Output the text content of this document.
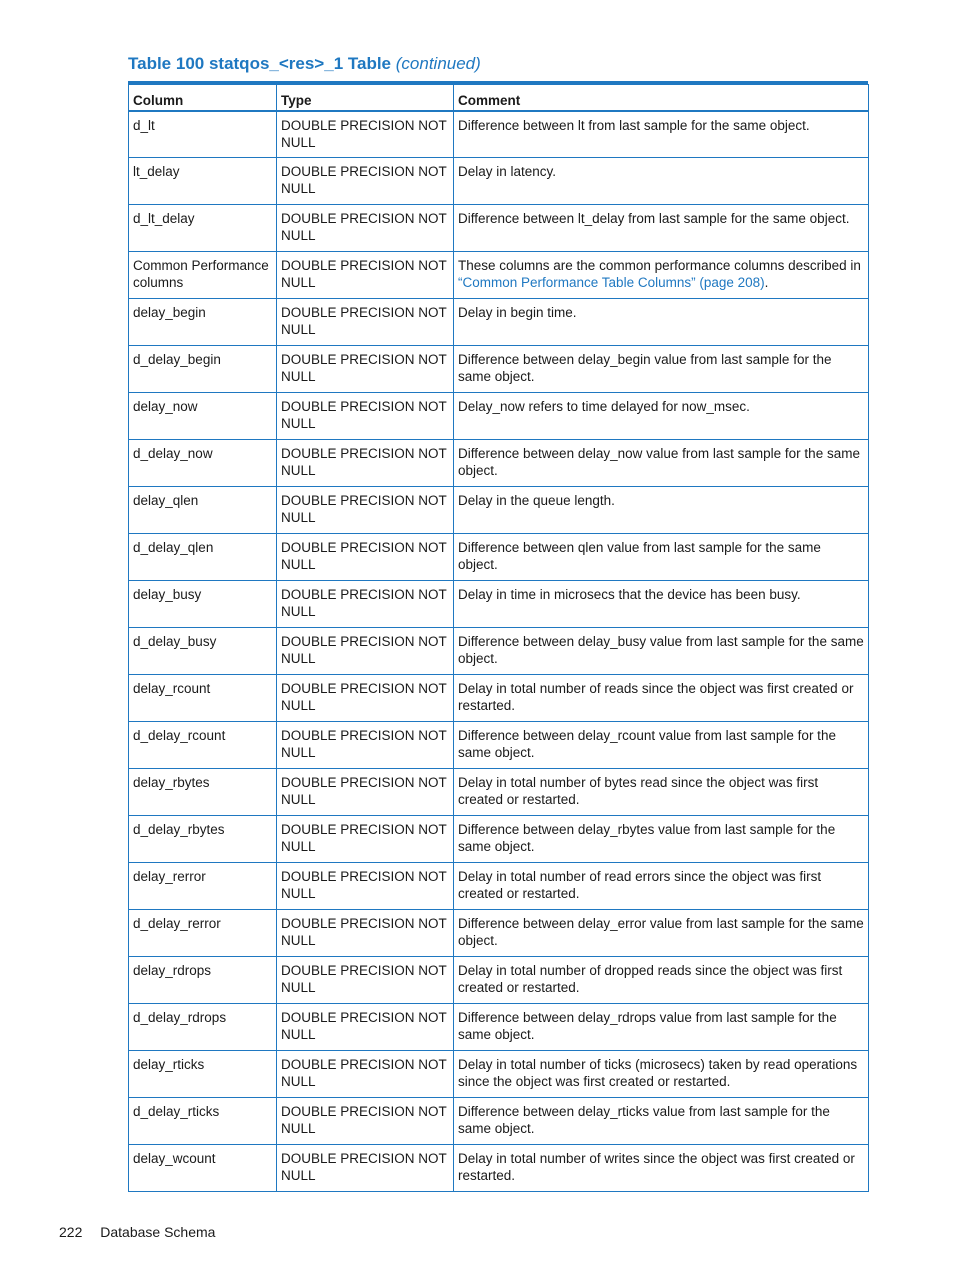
Table 100 statqos_<res>_1 Table (continued)
Column	Type	Comment
d_lt	DOUBLE PRECISION NOT NULL	Difference between lt from last sample for the same object.
lt_delay	DOUBLE PRECISION NOT NULL	Delay in latency.
d_lt_delay	DOUBLE PRECISION NOT NULL	Difference between lt_delay from last sample for the same object.
Common Performance columns	DOUBLE PRECISION NOT NULL	These columns are the common performance columns described in “Common Performance Table Columns” (page 208).
delay_begin	DOUBLE PRECISION NOT NULL	Delay in begin time.
d_delay_begin	DOUBLE PRECISION NOT NULL	Difference between delay_begin value from last sample for the same object.
delay_now	DOUBLE PRECISION NOT NULL	Delay_now refers to time delayed for now_msec.
d_delay_now	DOUBLE PRECISION NOT NULL	Difference between delay_now value from last sample for the same object.
delay_qlen	DOUBLE PRECISION NOT NULL	Delay in the queue length.
d_delay_qlen	DOUBLE PRECISION NOT NULL	Difference between qlen value from last sample for the same object.
delay_busy	DOUBLE PRECISION NOT NULL	Delay in time in microsecs that the device has been busy.
d_delay_busy	DOUBLE PRECISION NOT NULL	Difference between delay_busy value from last sample for the same object.
delay_rcount	DOUBLE PRECISION NOT NULL	Delay in total number of reads since the object was first created or restarted.
d_delay_rcount	DOUBLE PRECISION NOT NULL	Difference between delay_rcount value from last sample for the same object.
delay_rbytes	DOUBLE PRECISION NOT NULL	Delay in total number of bytes read since the object was first created or restarted.
d_delay_rbytes	DOUBLE PRECISION NOT NULL	Difference between delay_rbytes value from last sample for the same object.
delay_rerror	DOUBLE PRECISION NOT NULL	Delay in total number of read errors since the object was first created or restarted.
d_delay_rerror	DOUBLE PRECISION NOT NULL	Difference between delay_error value from last sample for the same object.
delay_rdrops	DOUBLE PRECISION NOT NULL	Delay in total number of dropped reads since the object was first created or restarted.
d_delay_rdrops	DOUBLE PRECISION NOT NULL	Difference between delay_rdrops value from last sample for the same object.
delay_rticks	DOUBLE PRECISION NOT NULL	Delay in total number of ticks (microsecs) taken by read operations since the object was first created or restarted.
d_delay_rticks	DOUBLE PRECISION NOT NULL	Difference between delay_rticks value from last sample for the same object.
delay_wcount	DOUBLE PRECISION NOT NULL	Delay in total number of writes since the object was first created or restarted.
222 Database Schema
